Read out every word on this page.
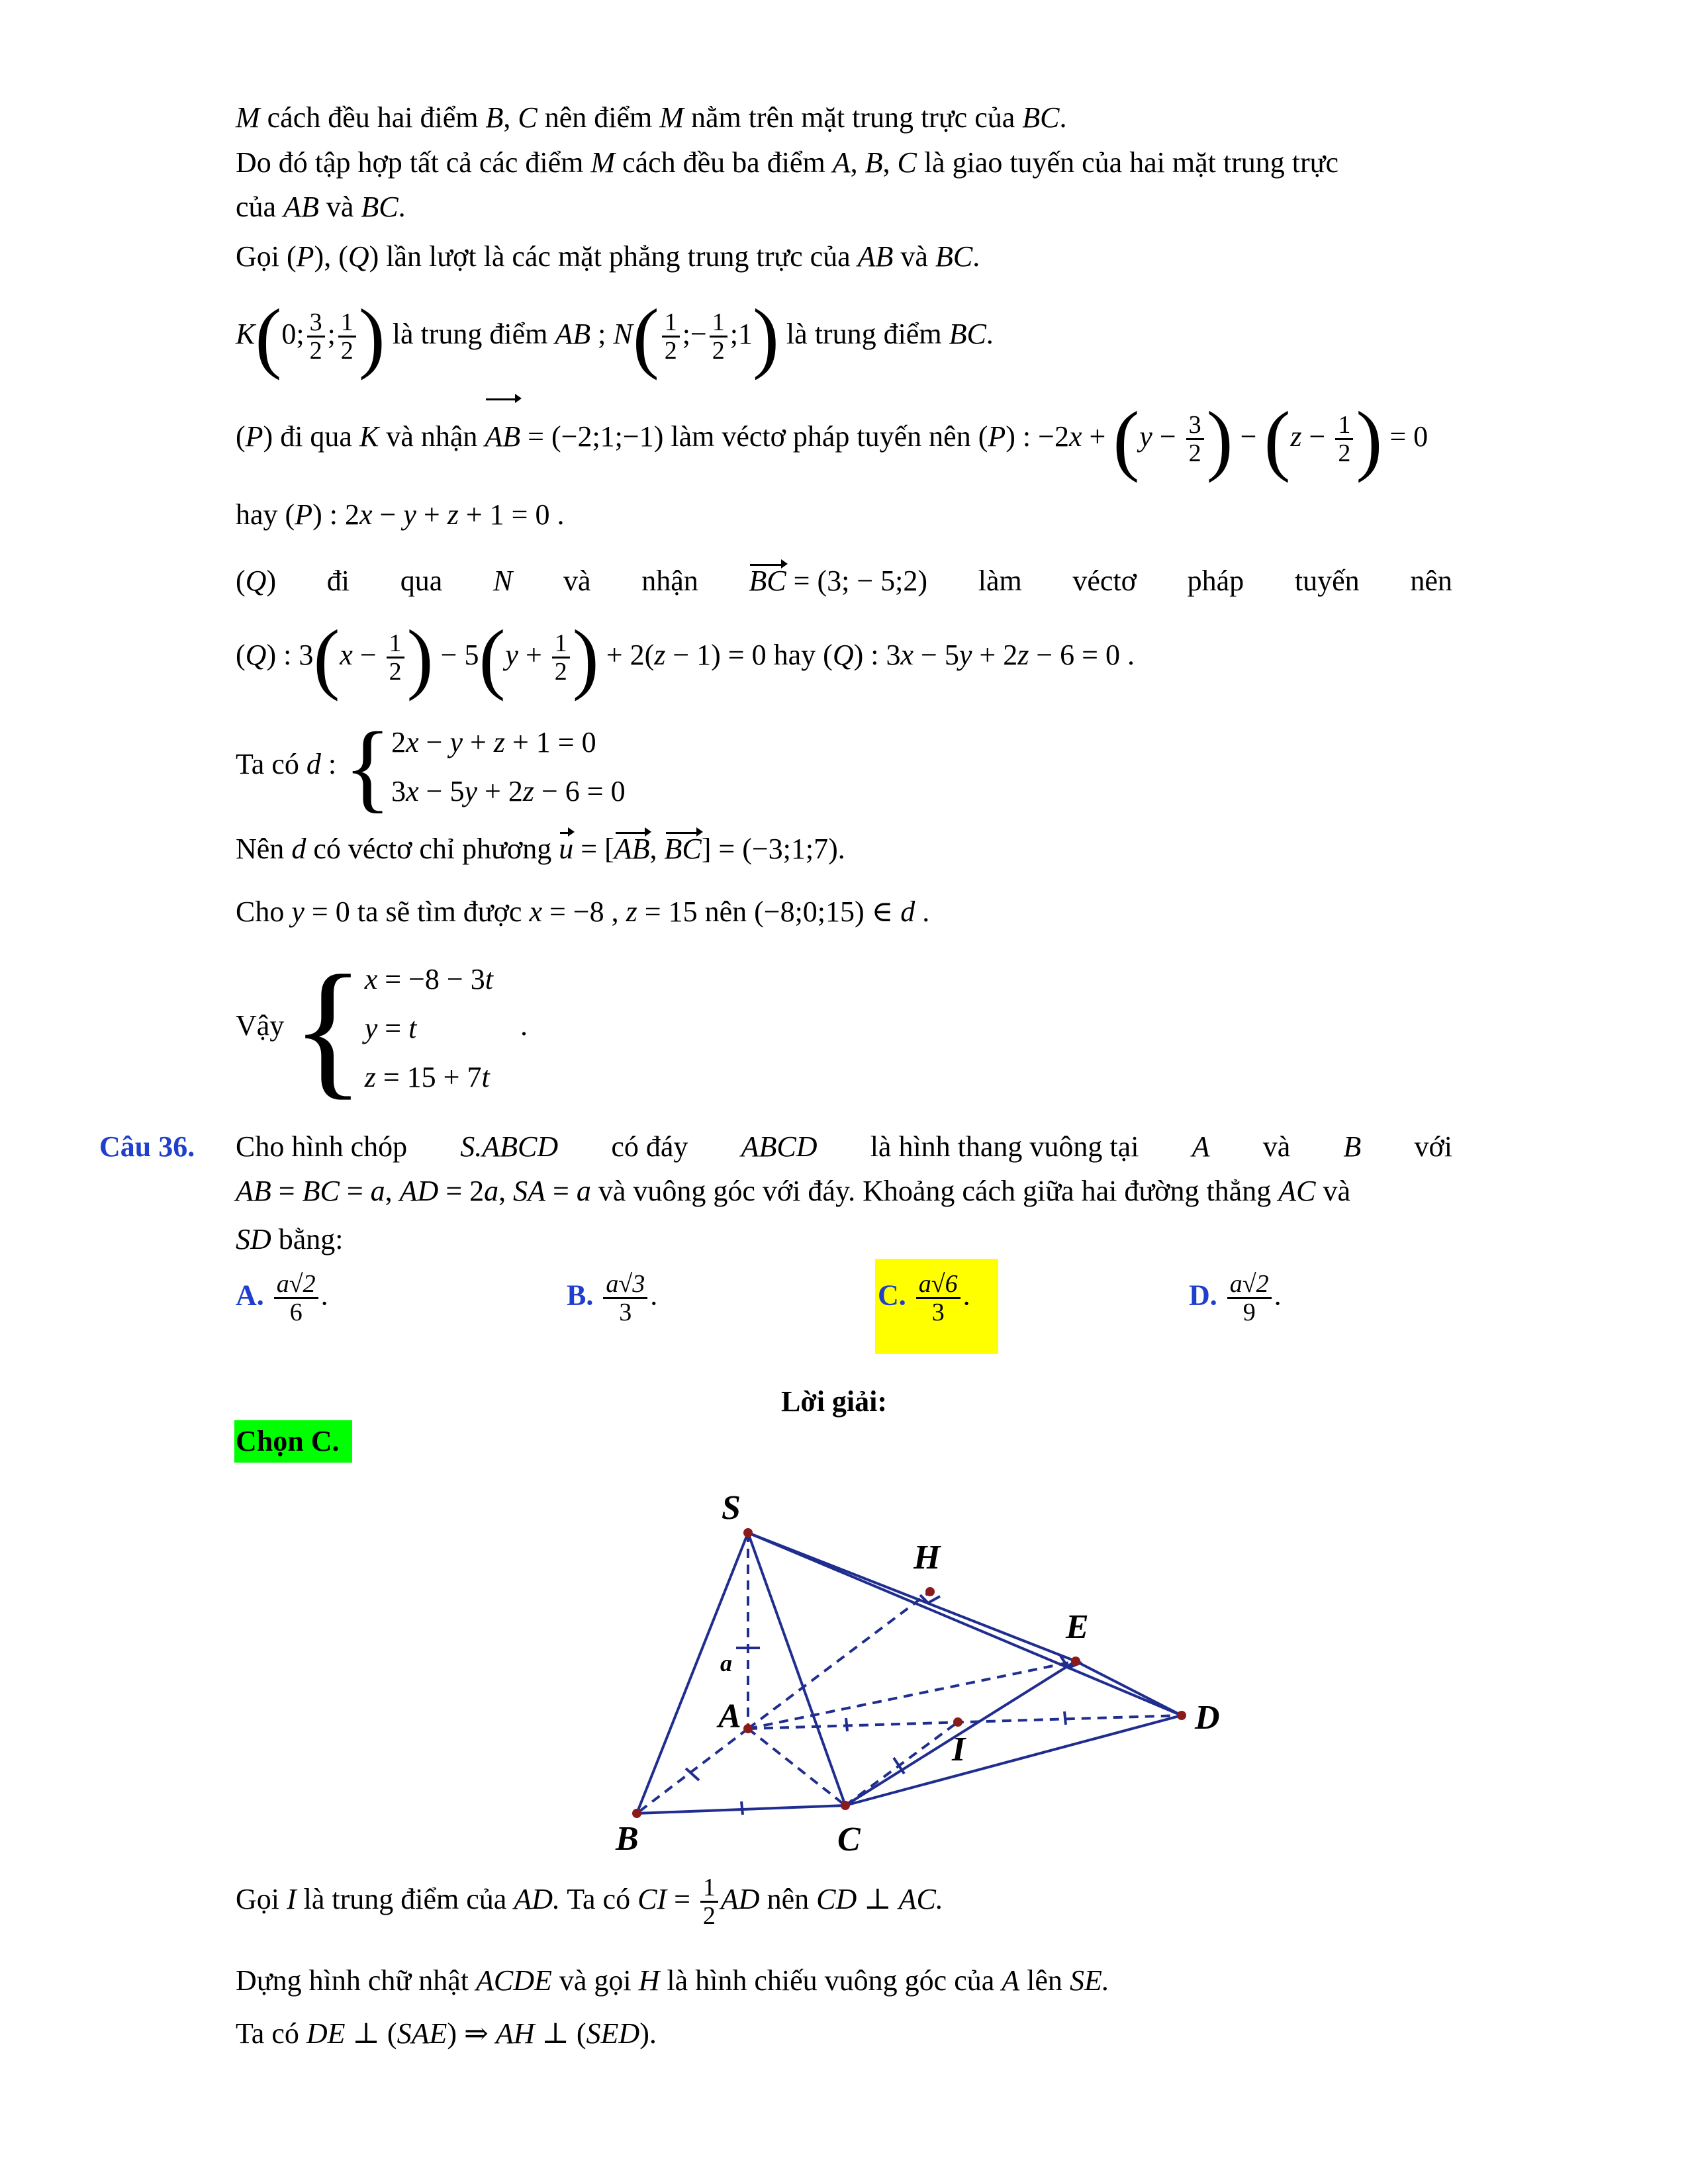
M cách đều hai điểm B, C nên điểm M nằm trên mặt trung trực của BC.
Do đó tập hợp tất cả các điểm M cách đều ba điểm A, B, C là giao tuyến của hai mặt trung trực
của AB và BC.
Gọi (P), (Q) lần lượt là các mặt phẳng trung trực của AB và BC.
K(0; $\frac{3}{2}$ ; $\frac{1}{2}$ ) là trung điểm AB ; $N( \frac{1}{2}$ ;− $\frac{1}{2}$ ;1) là trung điểm BC.
(P) đi qua K và nhận AB = (−2;1;−1) làm véctơ pháp tuyến nên (P) : $-2x + (y - \frac{3}{2}$ ) − ($z - \frac{1}{2}$ ) = 0
hay (P) : 2x − y + z + 1 = 0 .
(Q) đi qua N và nhận BC = (3; − 5;2) làm véctơ pháp tuyến nên
(Q) : $3(x - \frac{1}{2}$ ) − $5(y + \frac{1}{2}$ ) + 2(z − 1) = 0 hay (Q) : 3x − 5y + 2z − 6 = 0 .
Ta có d : {2x − y + z + 1 = 0
3x − 5y + 2z − 6 = 0
Nên d có véctơ chỉ phương u = [AB, BC] = (−3;1;7).
Cho y = 0 ta sẽ tìm được x = −8 , z = 15 nên (−8;0;15) ∈ d .
Vậy {x = −8 − 3t
y = t
z = 15 + 7t .
Câu 36. Cho hình chóp S.ABCD có đáy ABCD là hình thang vuông tại A và B với
AB = BC = a, AD = 2a, SA = a và vuông góc với đáy. Khoảng cách giữa hai đường thẳng AC và
SD bằng:
A. $\frac{a√2}{6}$ .	B. $\frac{a√3}{3}$ .	C. $\frac{a√6}{3}$ .	D. $\frac{a√2}{9}$ .
Lời giải:
Chọn C.
S
H
E
D
A
I
B	C
a
Gọi I là trung điểm của AD. Ta có CI = $\frac{1}{2}$ AD nên CD ⊥ AC.
Dựng hình chữ nhật ACDE và gọi H là hình chiếu vuông góc của A lên SE.
Ta có DE ⊥ (SAE) ⇒ AH ⊥ (SED).
